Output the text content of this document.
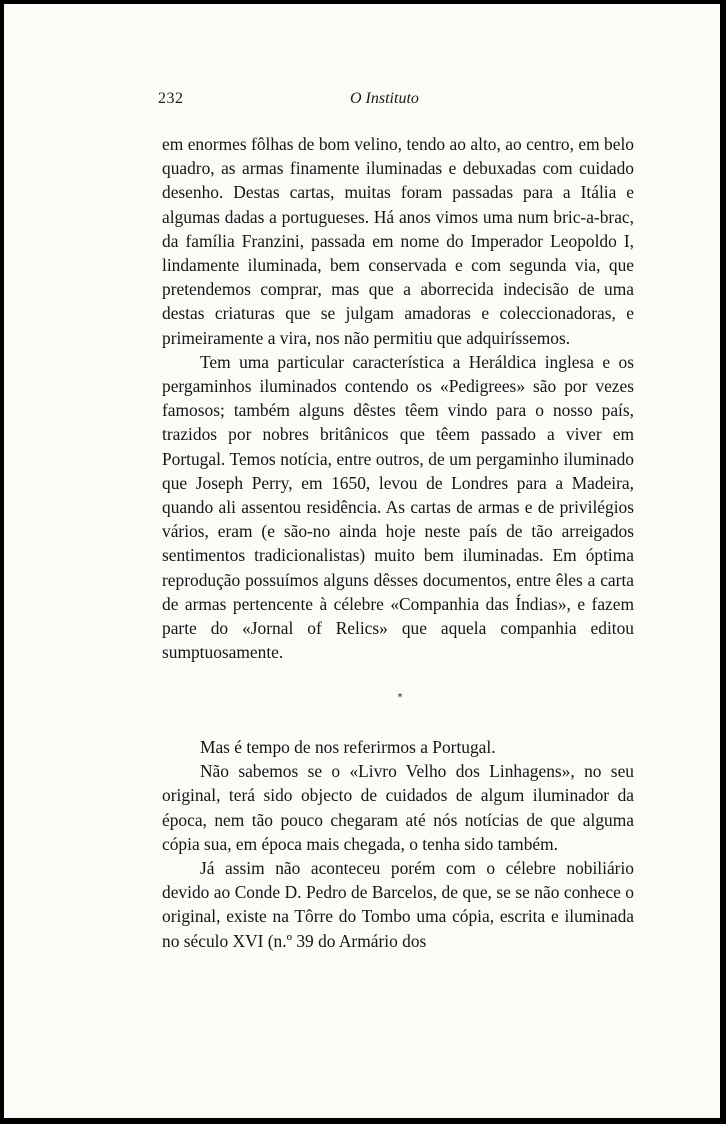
232	O Instituto

em enormes fôlhas de bom velino, tendo ao alto, ao centro, em belo quadro, as armas finamente iluminadas e debuxadas com cuidado desenho. Destas cartas, muitas foram passadas para a Itália e algumas dadas a portugueses. Há anos vimos uma num bric-a-brac, da família Franzini, passada em nome do Imperador Leopoldo I, lindamente iluminada, bem conservada e com segunda via, que pretendemos comprar, mas que a aborrecida indecisão de uma destas criaturas que se julgam amadoras e coleccionadoras, e primeiramente a vira, nos não permitiu que adquiríssemos.

Tem uma particular característica a Heráldica inglesa e os pergaminhos iluminados contendo os «Pedigrees» são por vezes famosos; também alguns dêstes têem vindo para o nosso país, trazidos por nobres britânicos que têem passado a viver em Portugal. Temos notícia, entre outros, de um pergaminho iluminado que Joseph Perry, em 1650, levou de Londres para a Madeira, quando ali assentou residência. As cartas de armas e de privilégios vários, eram (e são-no ainda hoje neste país de tão arreigados sentimentos tradicionalistas) muito bem iluminadas. Em óptima reprodução possuímos alguns dêsses documentos, entre êles a carta de armas pertencente à célebre «Companhia das Índias», e fazem parte do «Jornal of Relics» que aquela companhia editou sumptuosamente.

*

Mas é tempo de nos referirmos a Portugal.

Não sabemos se o «Livro Velho dos Linhagens», no seu original, terá sido objecto de cuidados de algum iluminador da época, nem tão pouco chegaram até nós notícias de que alguma cópia sua, em época mais chegada, o tenha sido também.

Já assim não aconteceu porém com o célebre nobiliário devido ao Conde D. Pedro de Barcelos, de que, se se não conhece o original, existe na Tôrre do Tombo uma cópia, escrita e iluminada no século XVI (n.º 39 do Armário dos
